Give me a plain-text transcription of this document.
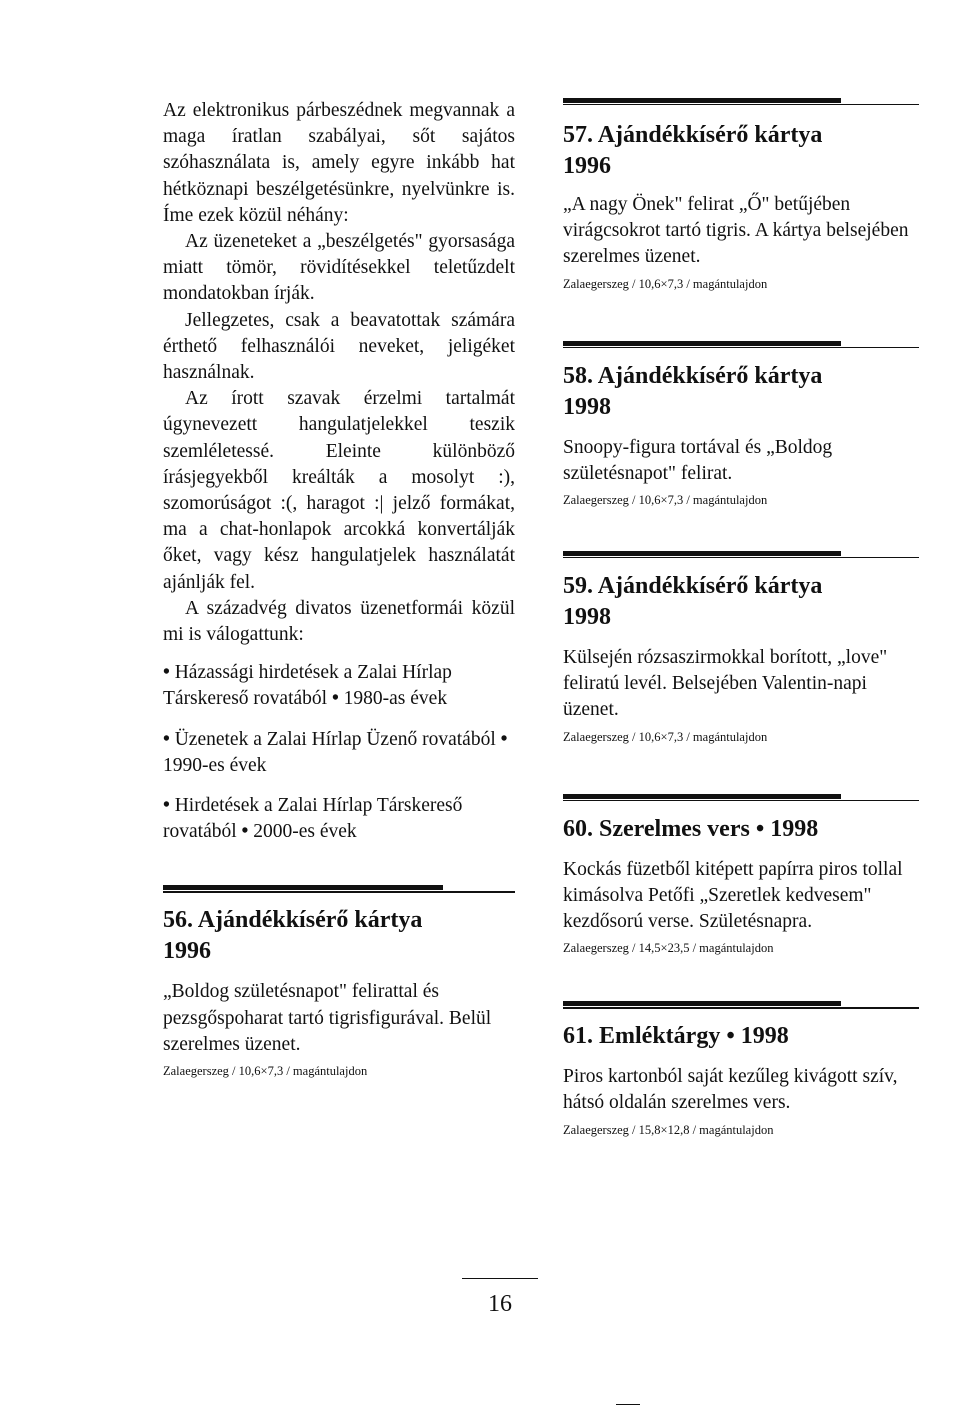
Az elektronikus párbeszédnek megvannak a maga íratlan szabályai, sőt sajátos szóhasználata is, amely egyre inkább hat hétköznapi beszélgetésünkre, nyelvünkre is. Íme ezek közül néhány:

Az üzeneteket a „beszélgetés" gyorsasága miatt tömör, rövidítésekkel teletűzdelt mondatokban írják.

Jellegzetes, csak a beavatottak számára érthető felhasználói neveket, jeligéket használnak.

Az írott szavak érzelmi tartalmát úgynevezett hangulatjelekkel teszik szemléletessé. Eleinte különböző írásjegyekből kreálták a mosolyt :), szomorúságot :(, haragot :| jelző formákat, ma a chat-honlapok arcokká konvertálják őket, vagy kész hangulatjelek használatát ajánlják fel.

A századvég divatos üzenetformái közül mi is válogattunk:

• Házassági hirdetések a Zalai Hírlap Társkereső rovatából • 1980-as évek

• Üzenetek a Zalai Hírlap Üzenő rovatából • 1990-es évek

• Hirdetések a Zalai Hírlap Társkereső rovatából • 2000-es évek

56. Ajándékkísérő kártya

1996

„Boldog születésnapot" felirattal és pezsgőspoharat tartó tigrisfigurával. Belül szerelmes üzenet.

Zalaegerszeg / 10,6×7,3 / magántulajdon

57. Ajándékkísérő kártya

1996

„A nagy Önek" felirat „Ő" betűjében virágcsokrot tartó tigris. A kártya belsejében szerelmes üzenet.

Zalaegerszeg / 10,6×7,3 / magántulajdon

58. Ajándékkísérő kártya

1998

Snoopy-figura tortával és „Boldog születésnapot" felirat.

Zalaegerszeg / 10,6×7,3 / magántulajdon

59. Ajándékkísérő kártya

1998

Külsején rózsaszirmokkal borított, „love" feliratú levél. Belsejében Valentin-napi üzenet.

Zalaegerszeg / 10,6×7,3 / magántulajdon

60. Szerelmes vers • 1998

Kockás füzetből kitépett papírra piros tollal kimásolva Petőfi „Szeretlek kedvesem" kezdősorú verse. Születésnapra.

Zalaegerszeg / 14,5×23,5 / magántulajdon

61. Emléktárgy • 1998

Piros kartonból saját kezűleg kivágott szív, hátsó oldalán szerelmes vers.

Zalaegerszeg / 15,8×12,8 / magántulajdon

16
